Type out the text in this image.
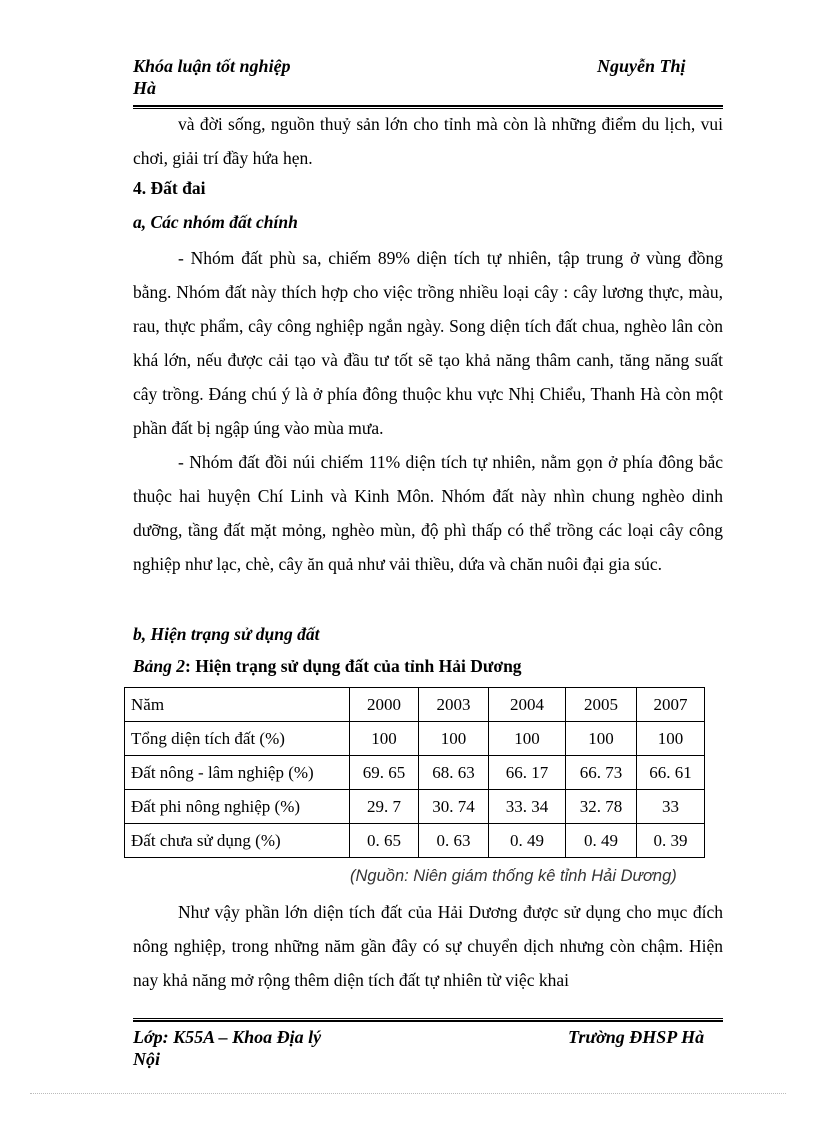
Khóa luận tốt nghiệp	Nguyễn Thị
Hà

và đời sống, nguồn thuỷ sản lớn cho tỉnh mà còn là những điểm du lịch, vui chơi, giải trí đầy hứa hẹn.

4. Đất đai
a, Các nhóm đất chính

- Nhóm đất phù sa, chiếm 89% diện tích tự nhiên, tập trung ở vùng đồng bằng. Nhóm đất này thích hợp cho việc trồng nhiều loại cây : cây lương thực, màu, rau, thực phẩm, cây công nghiệp ngắn ngày. Song diện tích đất chua, nghèo lân còn khá lớn, nếu được cải tạo và đầu tư tốt sẽ tạo khả năng thâm canh, tăng năng suất cây trồng. Đáng chú ý là ở phía đông thuộc khu vực Nhị Chiểu, Thanh Hà còn một phần đất bị ngập úng vào mùa mưa.

- Nhóm đất đồi núi chiếm 11% diện tích tự nhiên, nằm gọn ở phía đông bắc thuộc hai huyện Chí Linh và Kinh Môn. Nhóm đất này nhìn chung nghèo dinh dưỡng, tầng đất mặt mỏng, nghèo mùn, độ phì thấp có thể trồng các loại cây công nghiệp như lạc, chè, cây ăn quả như vải thiều, dứa và chăn nuôi đại gia súc.

b, Hiện trạng sử dụng đất
Bảng 2: Hiện trạng sử dụng đất của tỉnh Hải Dương
Năm	2000	2003	2004	2005	2007
Tổng diện tích đất (%)	100	100	100	100	100
Đất nông - lâm nghiệp (%)	69. 65	68. 63	66. 17	66. 73	66. 61
Đất phi nông nghiệp (%)	29. 7	30. 74	33. 34	32. 78	33
Đất chưa sử dụng (%)	0. 65	0. 63	0. 49	0. 49	0. 39
(Nguồn: Niên giám thống kê tỉnh Hải Dương)

Như vậy phần lớn diện tích đất của Hải Dương được sử dụng cho mục đích nông nghiệp, trong những năm gần đây có sự chuyển dịch nhưng còn chậm. Hiện nay khả năng mở rộng thêm diện tích đất tự nhiên từ việc khai

Lớp: K55A – Khoa Địa lý	Trường ĐHSP Hà
Nội
